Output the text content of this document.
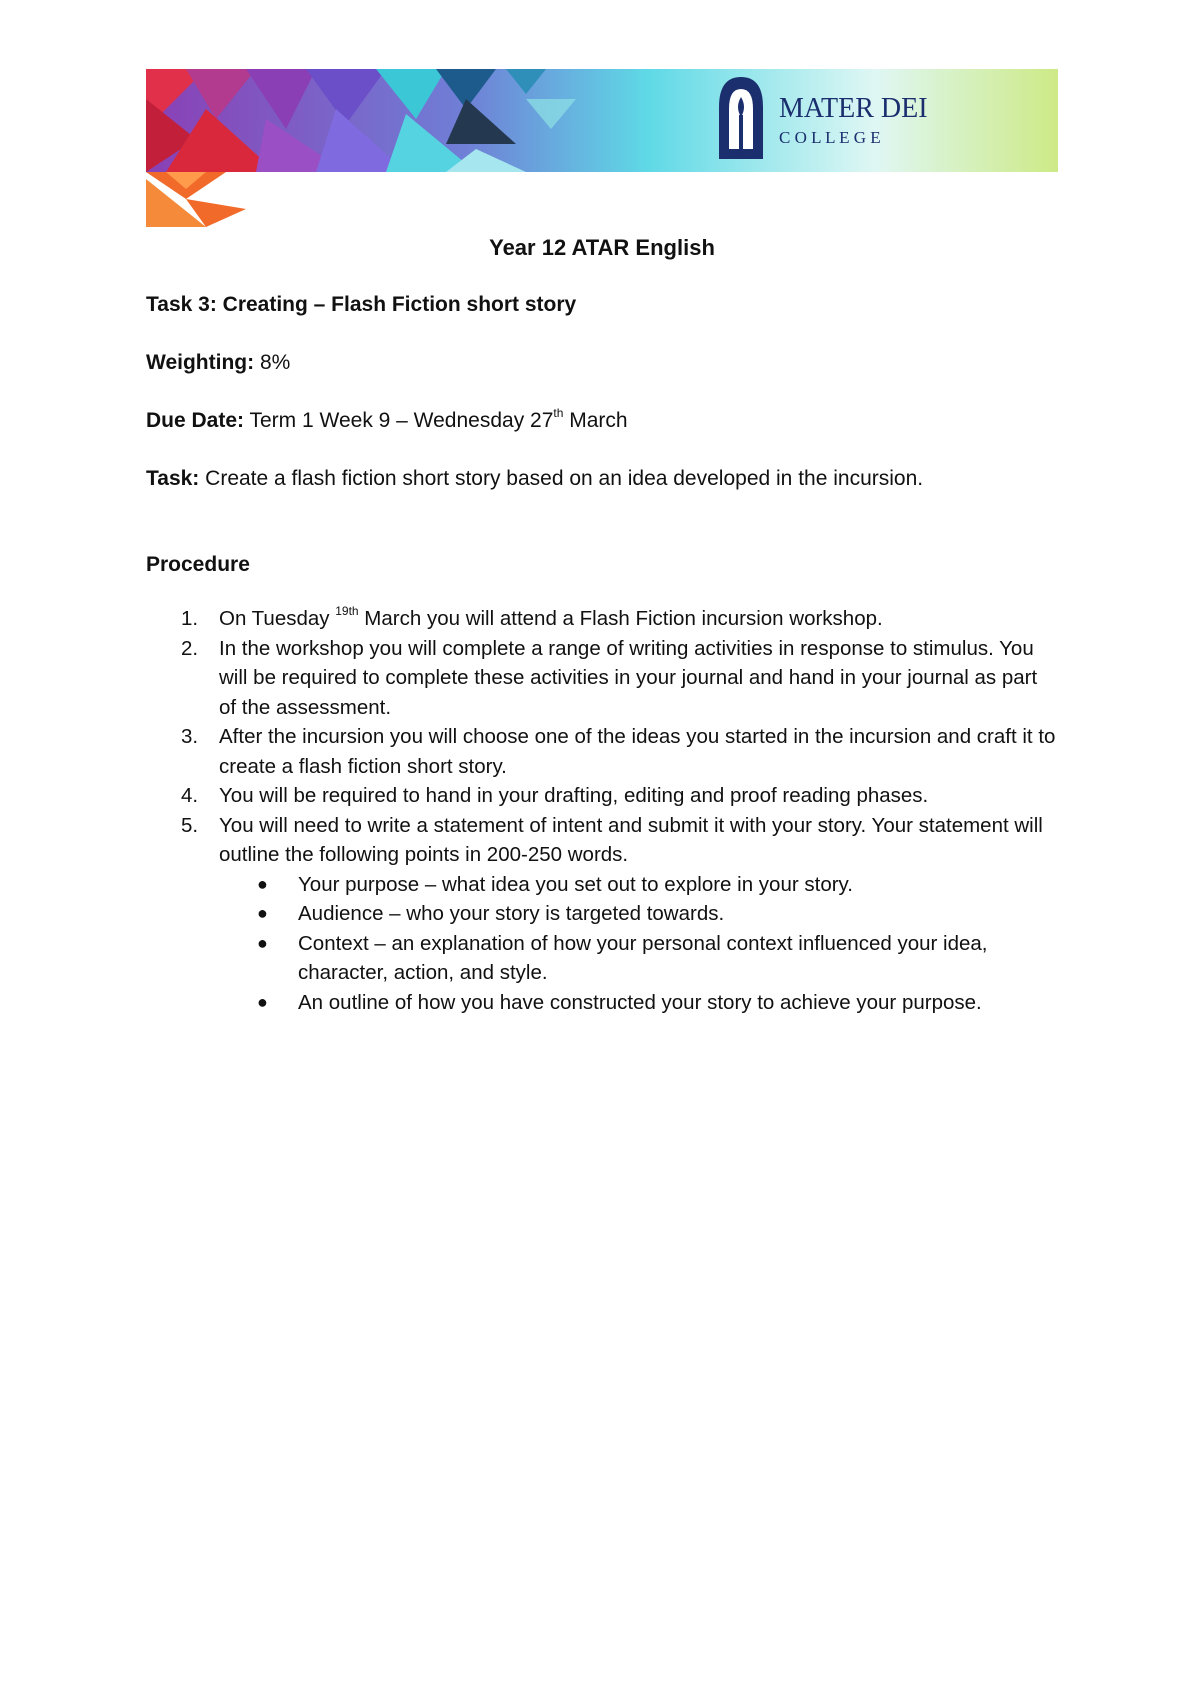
MATER DEI
C O L L E G E
Year 12 ATAR English
Task 3: Creating – Flash Fiction short story
Weighting: 8%
Due Date: Term 1 Week 9 – Wednesday 27th March
Task: Create a flash fiction short story based on an idea developed in the incursion.
Procedure
1. On Tuesday $^{19th}$ March you will attend a Flash Fiction incursion workshop.
2. In the workshop you will complete a range of writing activities in response to stimulus. You will be required to complete these activities in your journal and hand in your journal as part of the assessment.
3. After the incursion you will choose one of the ideas you started in the incursion and craft it to create a flash fiction short story.
4. You will be required to hand in your drafting, editing and proof reading phases.
5. You will need to write a statement of intent and submit it with your story. Your statement will outline the following points in 200-250 words.
● Your purpose – what idea you set out to explore in your story.
● Audience – who your story is targeted towards.
● Context – an explanation of how your personal context influenced your idea, character, action, and style.
● An outline of how you have constructed your story to achieve your purpose.
